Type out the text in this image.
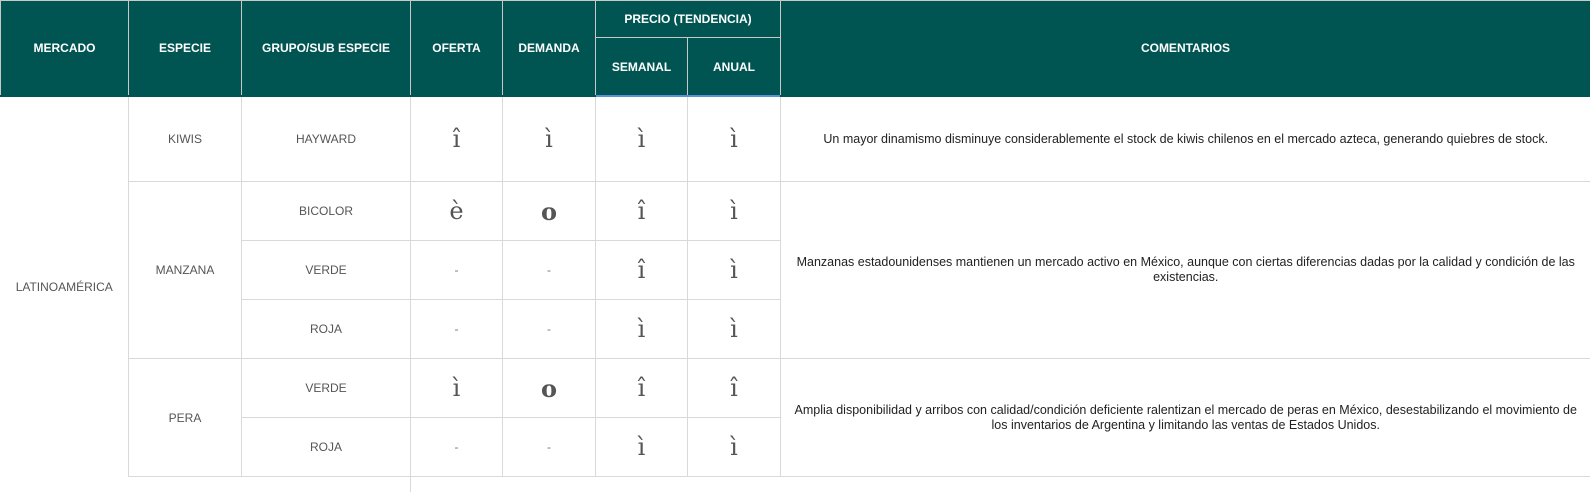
MERCADO	ESPECIE	GRUPO/SUB ESPECIE	OFERTA	DEMANDA	PRECIO (TENDENCIA)		COMENTARIOS
					SEMANAL	ANUAL	
LATINOAMÉRICA	KIWIS	HAYWARD	î	ì	ì	ì	Un mayor dinamismo disminuye considerablemente el stock de kiwis chilenos en el mercado azteca, generando quiebres de stock.
	MANZANA	BICOLOR	è	o	î	ì	Manzanas estadounidenses mantienen un mercado activo en México, aunque con ciertas diferencias dadas por la calidad y condición de las existencias.
		VERDE	-	-	î	ì	
		ROJA	-	-	ì	ì	
	PERA	VERDE	ì	o	î	î	Amplia disponibilidad y arribos con calidad/condición deficiente ralentizan el mercado de peras en México, desestabilizando el movimiento de los inventarios de Argentina y limitando las ventas de Estados Unidos.
		ROJA	-	-	ì	ì	
